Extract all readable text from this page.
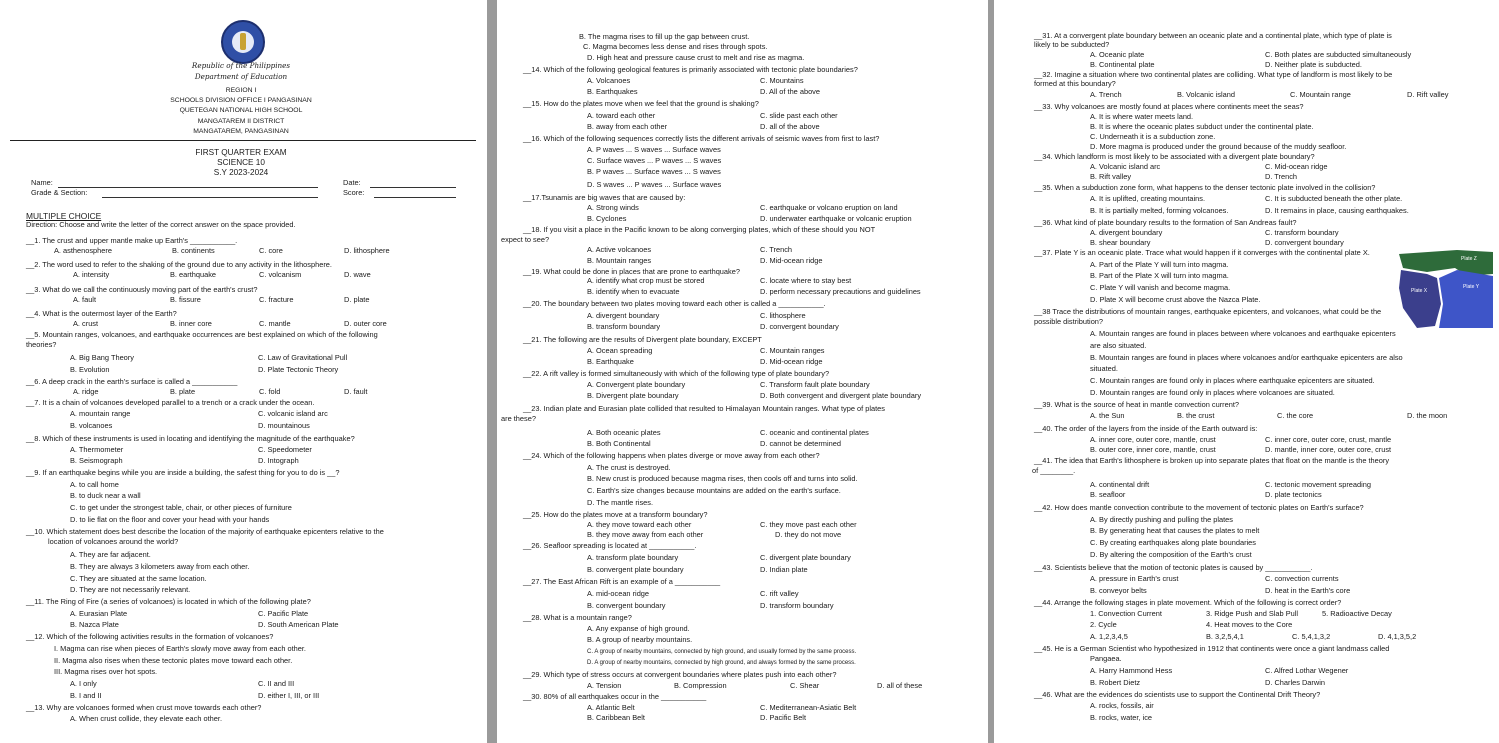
Republic of the Philippines
Department of Education
REGION I
SCHOOLS DIVISION OFFICE I PANGASINAN
QUETEGAN NATIONAL HIGH SCHOOL
MANGATAREM II DISTRICT
MANGATAREM, PANGASINAN
FIRST QUARTER EXAM
SCIENCE 10
S.Y 2023-2024
Name:	Date:
Grade & Section:	Score:
MULTIPLE CHOICE
Direction: Choose and write the letter of the correct answer on the space provided.
__1. The crust and upper mantle make up Earth's ___________.
A. asthenosphere	B. continents	C. core	D. lithosphere
__2. The word used to refer to the shaking of the ground due to any activity in the lithosphere.
A. intensity	B. earthquake	C. volcanism	D. wave
__3. What do we call the continuously moving part of the earth's crust?
A. fault	B. fissure	C. fracture	D. plate
__4. What is the outermost layer of the Earth?
A. crust	B. inner core	C. mantle	D. outer core
__5. Mountain ranges, volcanoes, and earthquake occurrences are best explained on which of the following
theories?
A. Big Bang Theory	C. Law of Gravitational Pull
B. Evolution	D. Plate Tectonic Theory
__6. A deep crack in the earth's surface is called a ___________
A. ridge	B. plate	C. fold	D. fault
__7. It is a chain of volcanoes developed parallel to a trench or a crack under the ocean.
A. mountain range	C. volcanic island arc
B. volcanoes	D. mountainous
__8. Which of these instruments is used in locating and identifying the magnitude of the earthquake?
A. Thermometer	C. Speedometer
B. Seismograph	D. Intograph
__9. If an earthquake begins while you are inside a building, the safest thing for you to do is __?
A. to call home
B. to duck near a wall
C. to get under the strongest table, chair, or other pieces of furniture
D. to lie flat on the floor and cover your head with your hands
__10. Which statement does best describe the location of the majority of earthquake epicenters relative to the
location of volcanoes around the world?
A. They are far adjacent.
B. They are always 3 kilometers away from each other.
C. They are situated at the same location.
D. They are not necessarily relevant.
__11. The Ring of Fire (a series of volcanoes) is located in which of the following plate?
A. Eurasian Plate	C. Pacific Plate
B. Nazca Plate	D. South American Plate
__12. Which of the following activities results in the formation of volcanoes?
I. Magma can rise when pieces of Earth's slowly move away from each other.
II. Magma also rises when these tectonic plates move toward each other.
III. Magma rises over hot spots.
A. I only	C. II and III
B. I and II	D. either I, III, or III
__13. Why are volcanoes formed when crust move towards each other?
A. When crust collide, they elevate each other.
B. The magma rises to fill up the gap between crust.
C. Magma becomes less dense and rises through spots.
D. High heat and pressure cause crust to melt and rise as magma.
__14. Which of the following geological features is primarily associated with tectonic plate boundaries?
A. Volcanoes	C. Mountains
B. Earthquakes	D. All of the above
__15. How do the plates move when we feel that the ground is shaking?
A. toward each other	C. slide past each other
B. away from each other	D. all of the above
__16. Which of the following sequences correctly lists the different arrivals of seismic waves from first to last?
A. P waves ... S waves ... Surface waves
C. Surface waves ... P waves ... S waves
B. P waves ... Surface waves ... S waves
D. S waves ... P waves ... Surface waves
__17.Tsunamis are big waves that are caused by:
A. Strong winds	C. earthquake or volcano eruption on land
B. Cyclones	D. underwater earthquake or volcanic eruption
__18. If you visit a place in the Pacific known to be along converging plates, which of these should you NOT
expect to see?
A. Active volcanoes	C. Trench
B. Mountain ranges	D. Mid-ocean ridge
__19. What could be done in places that are prone to earthquake?
A. identify what crop must be stored	C. locate where to stay best
B. identify when to evacuate	D. perform necessary precautions and guidelines
__20. The boundary between two plates moving toward each other is called a ___________.
A. divergent boundary	C. lithosphere
B. transform boundary	D. convergent boundary
__21. The following are the results of Divergent plate boundary, EXCEPT
A. Ocean spreading	C. Mountain ranges
B. Earthquake	D. Mid-ocean ridge
__22. A rift valley is formed simultaneously with which of the following type of plate boundary?
A. Convergent plate boundary	C. Transform fault plate boundary
B. Divergent plate boundary	D. Both convergent and divergent plate boundary
__23. Indian plate and Eurasian plate collided that resulted to Himalayan Mountain ranges. What type of plates
are these?
A. Both oceanic plates	C. oceanic and continental plates
B. Both Continental	D. cannot be determined
__24. Which of the following happens when plates diverge or move away from each other?
A. The crust is destroyed.
B. New crust is produced because magma rises, then cools off and turns into solid.
C. Earth's size changes because mountains are added on the earth's surface.
D. The mantle rises.
__25. How do the plates move at a transform boundary?
A. they move toward each other	C. they move past each other
B. they move away from each other	D. they do not move
__26. Seafloor spreading is located at ___________.
A. transform plate boundary	C. divergent plate boundary
B. convergent plate boundary	D. Indian plate
__27. The East African Rift is an example of a ___________
A. mid-ocean ridge	C. rift valley
B. convergent boundary	D. transform boundary
__28. What is a mountain range?
A. Any expanse of high ground.
B. A group of nearby mountains.
C. A group of nearby mountains, connected by high ground, and usually formed by the same process.
D. A group of nearby mountains, connected by high ground, and always formed by the same process.
__29. Which type of stress occurs at convergent boundaries where plates push into each other?
A. Tension	B. Compression	C. Shear	D. all of these
__30. 80% of all earthquakes occur in the ___________
A. Atlantic Belt	C. Mediterranean-Asiatic Belt
B. Caribbean Belt	D. Pacific Belt
__31. At a convergent plate boundary between an oceanic plate and a continental plate, which type of plate is
likely to be subducted?
A. Oceanic plate	C. Both plates are subducted simultaneously
B. Continental plate	D. Neither plate is subducted.
__32. Imagine a situation where two continental plates are colliding. What type of landform is most likely to be
formed at this boundary?
A. Trench	B. Volcanic island	C. Mountain range	D. Rift valley
__33. Why volcanoes are mostly found at places where continents meet the seas?
A. It is where water meets land.
B. It is where the oceanic plates subduct under the continental plate.
C. Underneath it is a subduction zone.
D. More magma is produced under the ground because of the muddy seafloor.
__34. Which landform is most likely to be associated with a divergent plate boundary?
A. Volcanic island arc	C. Mid-ocean ridge
B. Rift valley	D. Trench
__35. When a subduction zone form, what happens to the denser tectonic plate involved in the collision?
A. It is uplifted, creating mountains.	C. It is subducted beneath the other plate.
B. It is partially melted, forming volcanoes.	D. It remains in place, causing earthquakes.
__36. What kind of plate boundary results to the formation of San Andreas fault?
A. divergent boundary	C. transform boundary
B. shear boundary	D. convergent boundary
__37. Plate Y is an oceanic plate. Trace what would happen if it converges with the continental plate X.
A. Part of the Plate Y will turn into magma.
B. Part of the Plate X will turn into magma.
C. Plate Y will vanish and become magma.
D. Plate X will become crust above the Nazca Plate.
Plate Z
Plate X
Plate Y
__38 Trace the distributions of mountain ranges, earthquake epicenters, and volcanoes, what could be the
possible distribution?
A. Mountain ranges are found in places between where volcanoes and earthquake epicenters
are also situated.
B. Mountain ranges are found in places where volcanoes and/or earthquake epicenters are also
situated.
C. Mountain ranges are found only in places where earthquake epicenters are situated.
D. Mountain ranges are found only in places where volcanoes are situated.
__39. What is the source of heat in mantle convection current?
A. the Sun	B. the crust	C. the core	D. the moon
__40. The order of the layers from the inside of the Earth outward is:
A. inner core, outer core, mantle, crust	C. inner core, outer core, crust, mantle
B. outer core, inner core, mantle, crust	D. mantle, inner core, outer core, crust
__41. The idea that Earth's lithosphere is broken up into separate plates that float on the mantle is the theory
of ________.
A. continental drift	C. tectonic movement spreading
B. seafloor	D. plate tectonics
__42. How does mantle convection contribute to the movement of tectonic plates on Earth's surface?
A. By directly pushing and pulling the plates
B. By generating heat that causes the plates to melt
C. By creating earthquakes along plate boundaries
D. By altering the composition of the Earth's crust
__43. Scientists believe that the motion of tectonic plates is caused by ___________.
A. pressure in Earth's crust	C. convection currents
B. conveyor belts	D. heat in the Earth's core
__44. Arrange the following stages in plate movement. Which of the following is correct order?
1. Convection Current	3. Ridge Push and Slab Pull	5. Radioactive Decay
2. Cycle	4. Heat moves to the Core
A. 1,2,3,4,5	B. 3,2,5,4,1	C. 5,4,1,3,2	D. 4,1,3,5,2
__45. He is a German Scientist who hypothesized in 1912 that continents were once a giant landmass called
Pangaea.
A. Harry Hammond Hess	C. Alfred Lothar Wegener
B. Robert Dietz	D. Charles Darwin
__46. What are the evidences do scientists use to support the Continental Drift Theory?
A. rocks, fossils, air
B. rocks, water, ice
